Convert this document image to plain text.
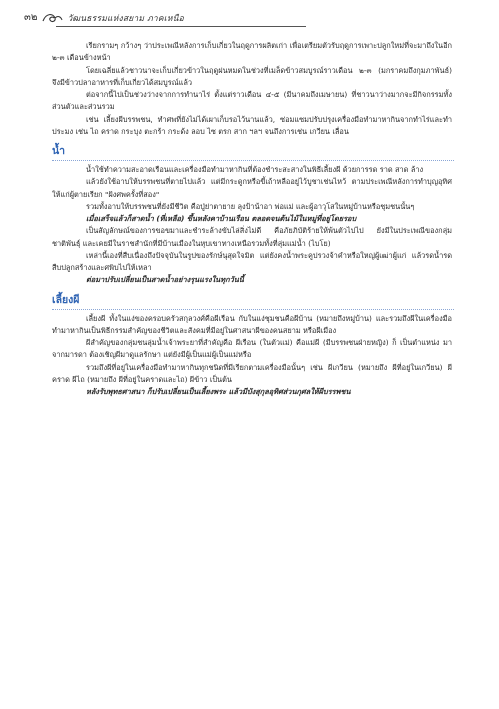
๓๒	วัฒนธรรมแห่งสยาม ภาคเหนือ

เรียกรามๆ กว้างๆ ว่าประเพณีหลังการเก็บเกี่ยวในฤดูการผลิตเก่า เพื่อเตรียมตัวรับฤดูการเพาะปลูกใหม่ที่จะมาถึงในอีก ๒-๓ เดือนข้างหน้า

โดยเฉลี่ยแล้วชาวนาจะเก็บเกี่ยวข้าวในฤดูฝนหมดในช่วงที่เมล็ดข้าวสมบูรณ์ราวเดือน ๒-๓ (มกราคมถึงกุมภาพันธ์) จึงมีข้าวปลาอาหารที่เก็บเกี่ยวได้สมบูรณ์แล้ว

ต่อจากนี้ไปเป็นช่วงว่างจากการทำนาไร่ ตั้งแต่ราวเดือน ๔-๕ (มีนาคมถึงเมษายน) ที่ชาวนาว่างมากจะมีกิจกรรมทั้งส่วนตัวและส่วนรวม

เช่น เลี้ยงผีบรรพชน, ทำศพที่ยังไม่ได้เผาเก็บรอไว้นานแล้ว, ซ่อมแซมปรับปรุงเครื่องมือทำมาหากินจากทำไร่และทำประมง เช่น ไถ คราด กระบุง ตะกร้า กระด้ง ลอบ ไซ ตรก สาก ฯลฯ จนถึงการเช่น เกวียน เลื่อน

น้ำ

น้ำใช้ทำความสะอาดเรือนและเครื่องมือทำมาหากินที่ต้องชำระสะสางในพิธีเลี้ยงผี ด้วยการรด ราด สาด ล้าง

แล้วยังใช้อาบให้บรรพชนที่ตายไปแล้ว แต่มีกระดูกหรือขี้เถ้าหลืออยู่ไว้บูชาเช่นไหว้ ตามประเพณีหลังการทำบุญอุทิศให้แก่ผู้ตายเรียก "ฝังศพครั้งที่สอง"

รวมทั้งอาบให้บรรพชนที่ยังมีชีวิต คือปู่ย่าตายาย ลุงป้าน้าอา พ่อแม่ และผู้อาวุโสในหมู่บ้านหรือชุมชนนั้นๆ

เมื่อเสร็จแล้วก็สาดน้ำ (ที่เหลือ) ขึ้นหลังคาบ้านเรือน ตลอดจนต้นไม้ในหมู่ที่อยู่โดยรอบ

เป็นสัญลักษณ์ของการขอขมาและชำระล้างขับไล่สิ่งไม่ดี คือภัยภิบัติร้ายให้พ้นตัวไปไป ยังมีในประเพณีของกลุ่มชาติพันธุ์ และเคยมีในราชสำนักที่มีบ้านเมืองในหุบเขาทางเหนือรวมทั้งที่ลุ่มแม่น้ำ (ไบโย)

เหล่านี้เองที่สืบเนื่องถึงปัจจุบันในรูปของรักษ์นุสุดใจมิต แต่ยังคงน้ำพระคูปรวงจ้าคำหรือใหญ่ผู้เฒ่าผู้แก่ แล้วรดน้ำรดสืบปลูกสร้างและศพิบไปให้เหลา

ต่อมาปรับเปลี่ยนเป็นสาดน้ำอย่างรุนแรงในทุกวันนี้

เลี้ยงผี

เลี้ยงผี ทั้งในแง่ของครอบครัวสกุลวงศ์คือผีเรือน กับในแง่ชุมชนคือผีบ้าน (หมายถึงหมู่บ้าน) และรวมถึงผีในเครื่องมือทำมาหากินเป็นพิธีกรรมสำคัญของชีวิตและสังคมที่มีอยู่ในศาสนาผีของคนสยาม หรือผีเมือง

ผีสำคัญของกลุ่มชนลุ่มน้ำเจ้าพระยาที่สำคัญคือ ผีเรือน (ในตัวแม่) คือแม่ผี (มีบรรพชนฝ่ายหญิง) ก็ เป็นตำแหน่ง มาจากมารดา ต้องเชิญผีมาดูแลรักษา แต่ยังมีผู้เป็นแม่ผู้เป็นแม่หรือ

รวมถึงผีที่อยู่ในเครื่องมือทำมาหากินทุกชนิดที่มีเรียกตามเครื่องมือนั้นๆ เช่น ผีเกวียน (หมายถึง ผีที่อยู่ในเกวียน) ผีคราด ผีไถ (หมายถึง ผีที่อยู่ในคราดและไถ) ผีข้าว เป็นต้น

หลังรับพุทธศาสนา ก็ปรับเปลี่ยนเป็นเลี้ยงพระ แล้วมีบังสุกุลอุทิศส่วนกุศลให้ผีบรรพชน
